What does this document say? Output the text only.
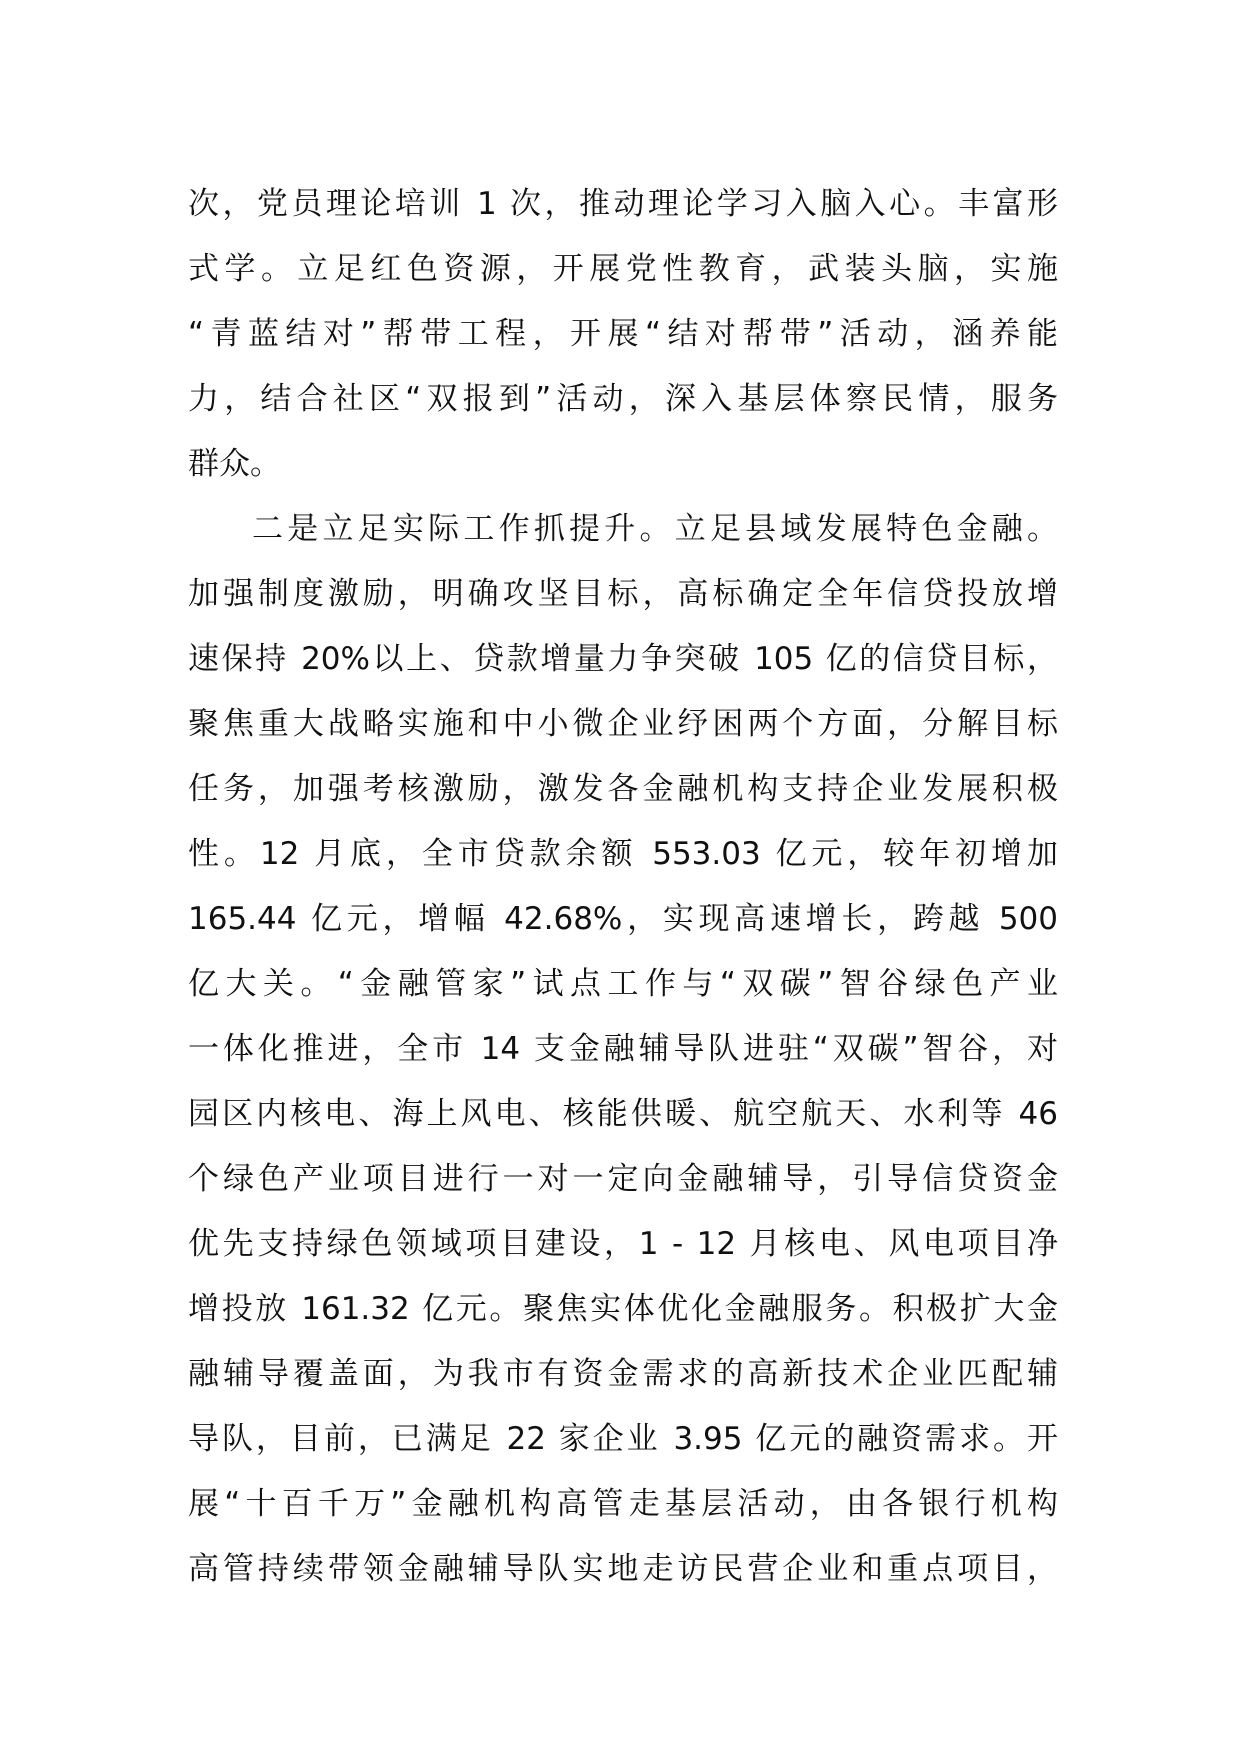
次，党员理论培训 1 次，推动理论学习入脑入心。丰富形
式学。立足红色资源，开展党性教育，武装头脑，实施
“青蓝结对”帮带工程，开展“结对帮带”活动，涵养能
力，结合社区“双报到”活动，深入基层体察民情，服务
群众。
二是立足实际工作抓提升。立足县域发展特色金融。
加强制度激励，明确攻坚目标，高标确定全年信贷投放增
速保持 20%以上、贷款增量力争突破 105 亿的信贷目标，
聚焦重大战略实施和中小微企业纾困两个方面，分解目标
任务，加强考核激励，激发各金融机构支持企业发展积极
性。12 月底，全市贷款余额 553.03 亿元，较年初增加
165.44 亿元，增幅 42.68%，实现高速增长，跨越 500
亿大关。“金融管家”试点工作与“双碳”智谷绿色产业
一体化推进，全市 14 支金融辅导队进驻“双碳”智谷，对
园区内核电、海上风电、核能供暖、航空航天、水利等 46
个绿色产业项目进行一对一定向金融辅导，引导信贷资金
优先支持绿色领域项目建设，1 - 12 月核电、风电项目净
增投放 161.32 亿元。聚焦实体优化金融服务。积极扩大金
融辅导覆盖面，为我市有资金需求的高新技术企业匹配辅
导队，目前，已满足 22 家企业 3.95 亿元的融资需求。开
展“十百千万”金融机构高管走基层活动，由各银行机构
高管持续带领金融辅导队实地走访民营企业和重点项目，
